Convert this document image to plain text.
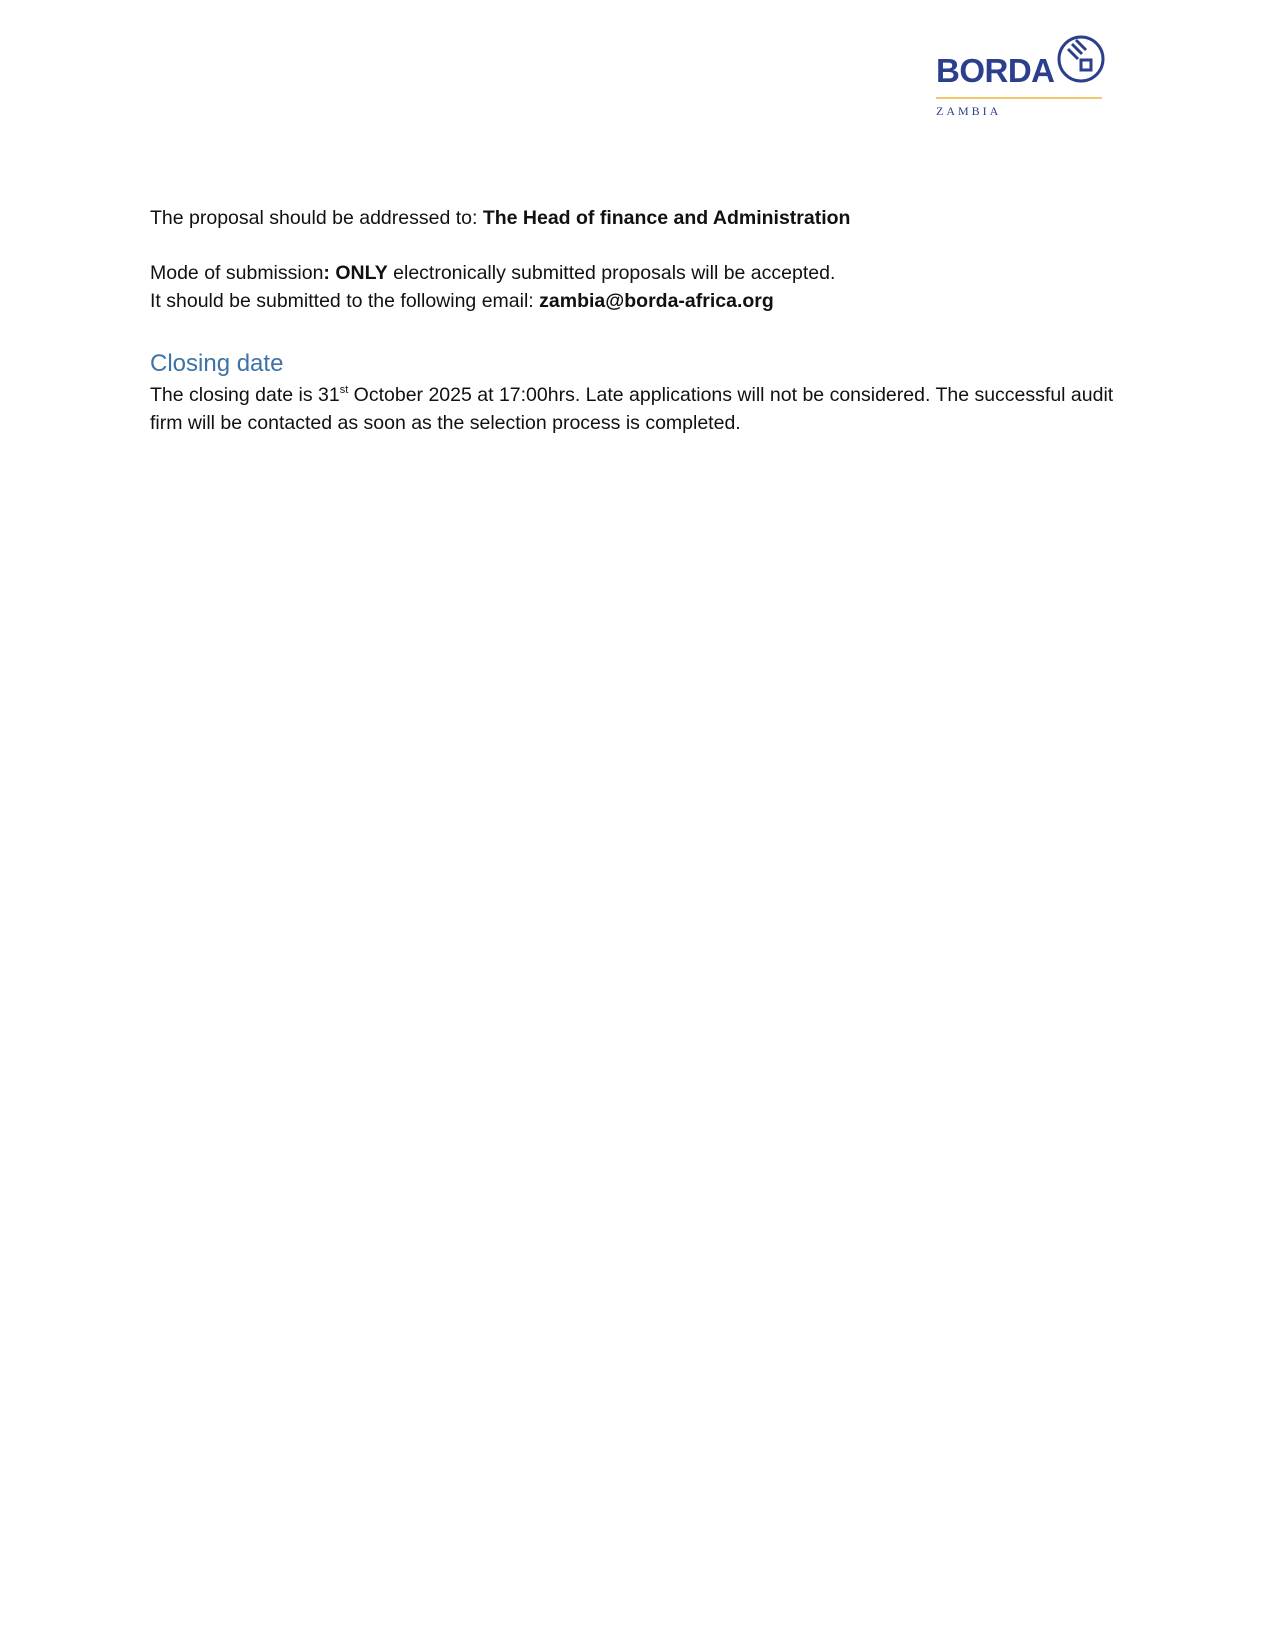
BORDA
ZAMBIA

The proposal should be addressed to: The Head of finance and Administration

Mode of submission: ONLY electronically submitted proposals will be accepted.

It should be submitted to the following email: zambia@borda-africa.org

Closing date

The closing date is 31st October 2025 at 17:00hrs. Late applications will not be considered. The successful audit firm will be contacted as soon as the selection process is completed.
